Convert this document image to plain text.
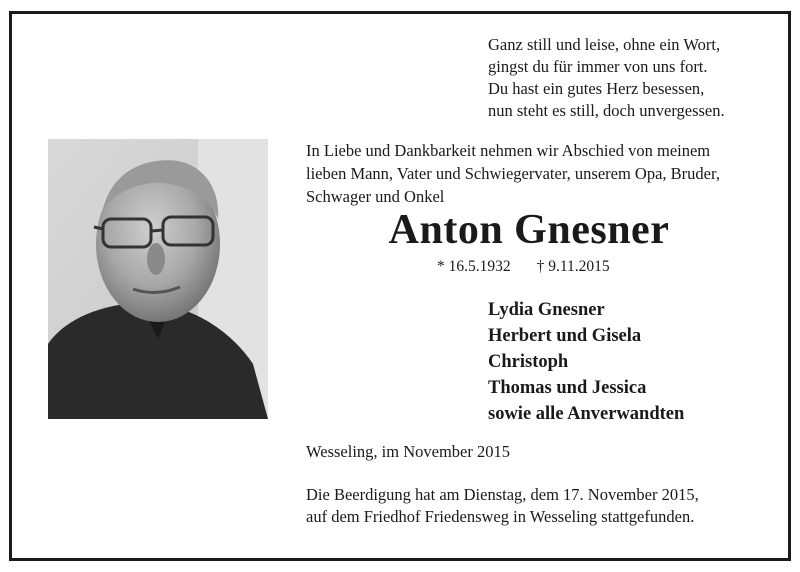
Ganz still und leise, ohne ein Wort,
gingst du für immer von uns fort.
Du hast ein gutes Herz besessen,
nun steht es still, doch unvergessen.
In Liebe und Dankbarkeit nehmen wir Abschied von meinem
lieben Mann, Vater und Schwiegervater, unserem Opa, Bruder,
Schwager und Onkel
Anton Gnesner
* 16.5.1932 † 9.11.2015
Lydia Gnesner
Herbert und Gisela
Christoph
Thomas und Jessica
sowie alle Anverwandten
Wesseling, im November 2015
Die Beerdigung hat am Dienstag, dem 17. November 2015,
auf dem Friedhof Friedensweg in Wesseling stattgefunden.
